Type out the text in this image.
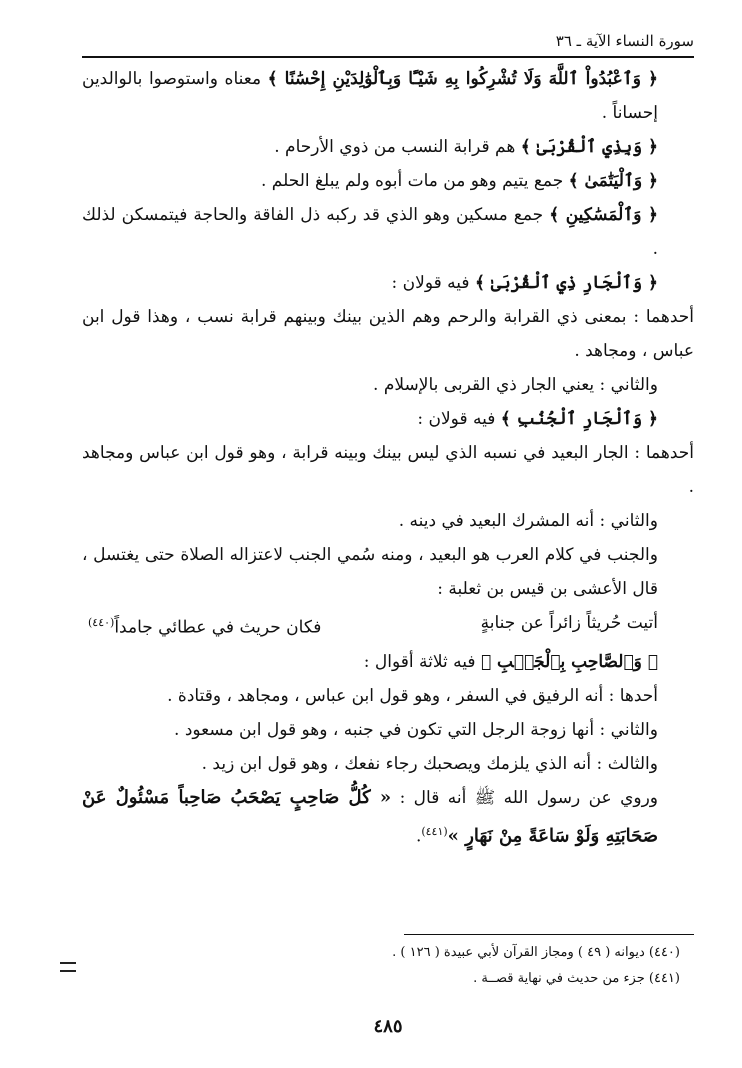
سورة النساء الآية ـ ٣٦

﴿ وَٱعْبُدُواْ ٱللَّهَ وَلَا تُشْرِكُوا بِهِ شَيْـًٔا وَبِٱلْوَٰلِدَيْنِ إِحْسَٰنًا ﴾ معناه واستوصوا بالوالدين إحساناً .

﴿ وَبِذِي ٱلْقُرْبَىٰ ﴾ هم قرابة النسب من ذوي الأرحام .

﴿ وَٱلْيَتَٰمَىٰ ﴾ جمع يتيم وهو من مات أبوه ولم يبلغ الحلم .

﴿ وَٱلْمَسَٰكِينِ ﴾ جمع مسكين وهو الذي قد ركبه ذل الفاقة والحاجة فيتمسكن لذلك .

﴿ وَٱلْجَارِ ذِي ٱلْقُرْبَىٰ ﴾ فيه قولان :

أحدهما : بمعنى ذي القرابة والرحم وهم الذين بينك وبينهم قرابة نسب ، وهذا قول ابن عباس ، ومجاهد .

والثاني : يعني الجار ذي القربى بالإسلام .

﴿ وَٱلْجَارِ ٱلْجُنُبِ ﴾ فيه قولان :

أحدهما : الجار البعيد في نسبه الذي ليس بينك وبينه قرابة ، وهو قول ابن عباس ومجاهد .

والثاني : أنه المشرك البعيد في دينه .

والجنب في كلام العرب هو البعيد ، ومنه سُمي الجنب لاعتزاله الصلاة حتى يغتسل ، قال الأعشى بن قيس بن ثعلبة :

أتيت حُريثاً زائراً عن جنابةٍ
فكان حريث في عطائي جامداً$^{(٤٤٠)}$

﴿ وَٱلصَّاحِبِ بِٱلْجَنۢبِ ﴾ فيه ثلاثة أقوال :

أحدها : أنه الرفيق في السفر ، وهو قول ابن عباس ، ومجاهد ، وقتادة .

والثاني : أنها زوجة الرجل التي تكون في جنبه ، وهو قول ابن مسعود .

والثالث : أنه الذي يلزمك ويصحبك رجاء نفعك ، وهو قول ابن زيد .

وروي عن رسول الله ﷺ أنه قال : « كُلُّ صَاحِبٍ يَصْحَبُ صَاحِباً مَسْئُولٌ عَنْ صَحَابَتِهِ وَلَوْ سَاعَةً مِنْ نَهَارٍ »$^{(٤٤١)}$.

(٤٤٠) ديوانه ( ٤٩ ) ومجاز القرآن لأبي عبيدة ( ١٢٦ ) .

(٤٤١) جزء من حديث في نهاية قصــة .

٤٨٥
